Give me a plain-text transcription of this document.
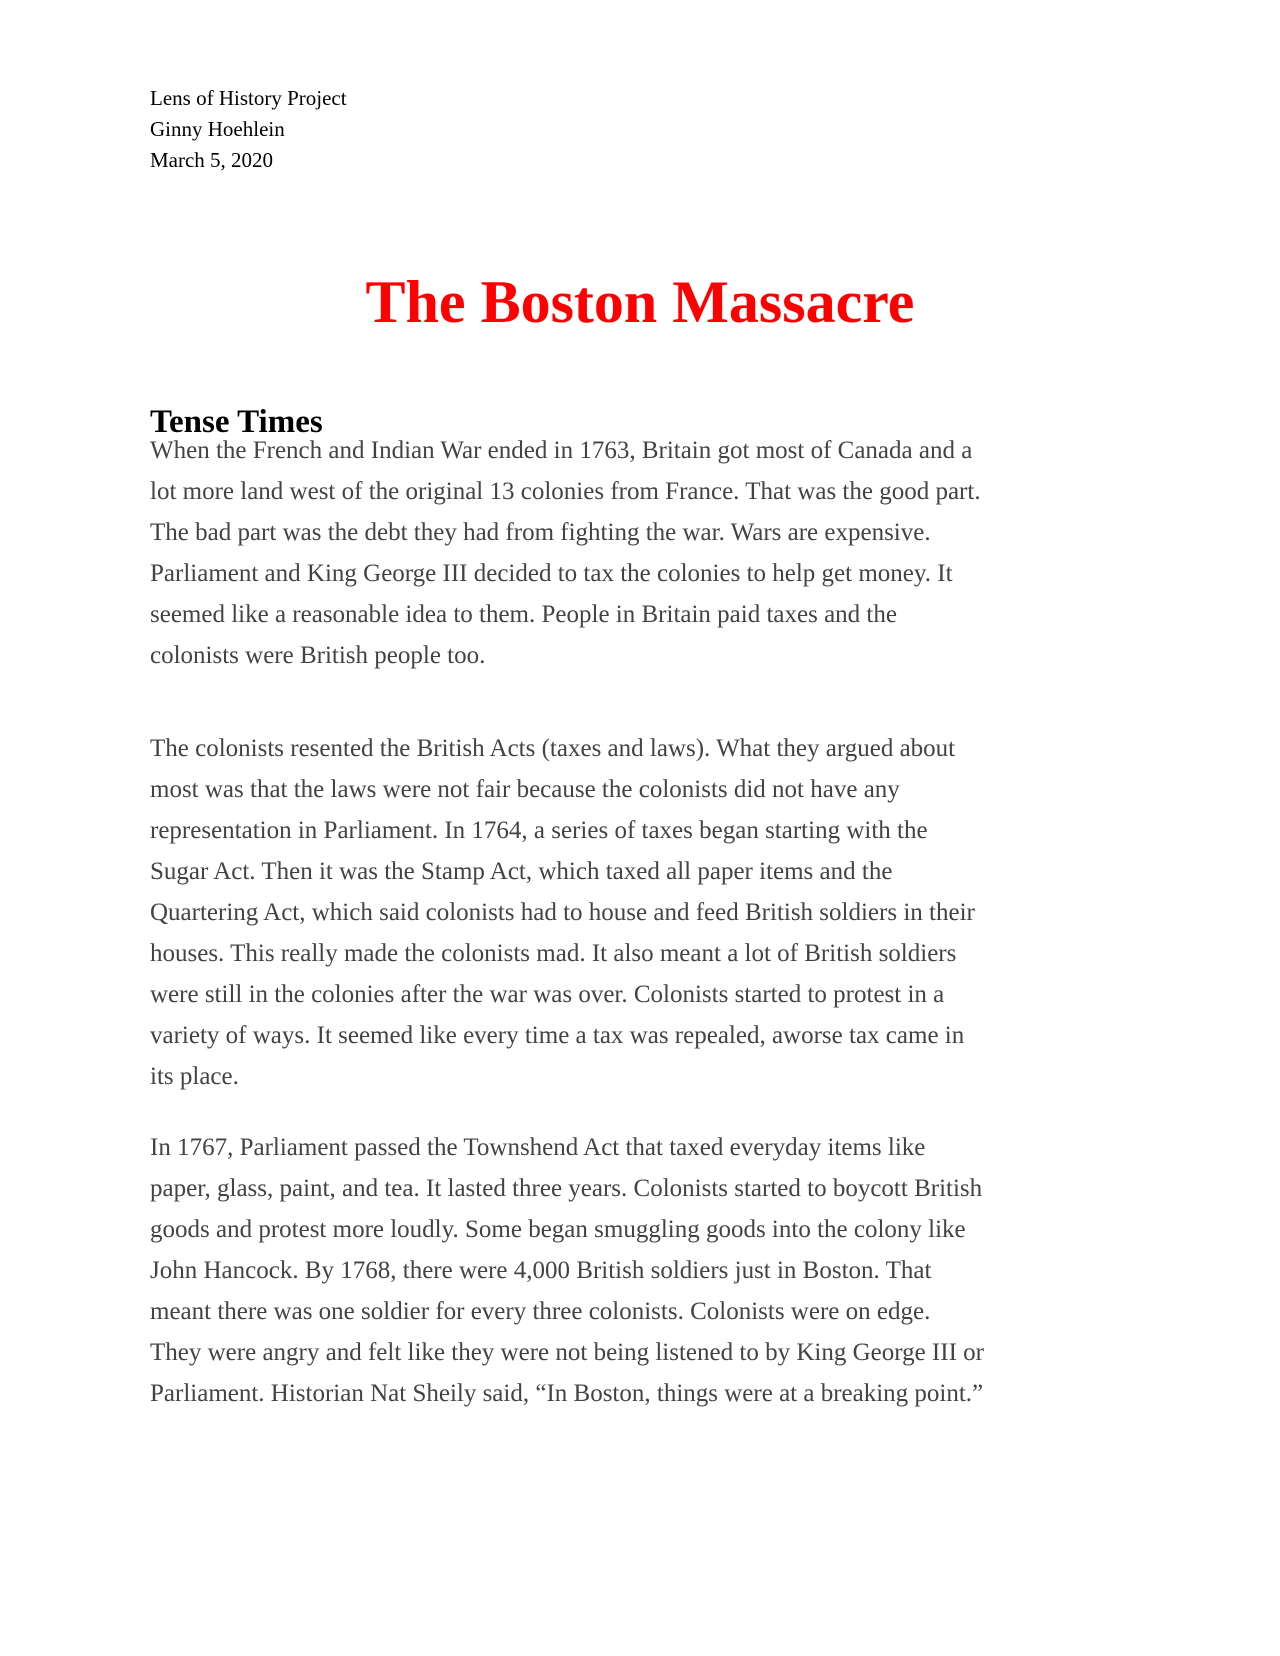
Lens of History Project
Ginny Hoehlein
March 5, 2020
The Boston Massacre
Tense Times
When the French and Indian War ended in 1763, Britain got most of Canada and a
lot more land west of the original 13 colonies from France. That was the good part.
The bad part was the debt they had from fighting the war. Wars are expensive.
Parliament and King George III decided to tax the colonies to help get money. It
seemed like a reasonable idea to them. People in Britain paid taxes and the
colonists were British people too.
The colonists resented the British Acts (taxes and laws). What they argued about
most was that the laws were not fair because the colonists did not have any
representation in Parliament. In 1764, a series of taxes began starting with the
Sugar Act. Then it was the Stamp Act, which taxed all paper items and the
Quartering Act, which said colonists had to house and feed British soldiers in their
houses. This really made the colonists mad. It also meant a lot of British soldiers
were still in the colonies after the war was over. Colonists started to protest in a
variety of ways. It seemed like every time a tax was repealed, aworse tax came in
its place.
In 1767, Parliament passed the Townshend Act that taxed everyday items like
paper, glass, paint, and tea. It lasted three years. Colonists started to boycott British
goods and protest more loudly. Some began smuggling goods into the colony like
John Hancock. By 1768, there were 4,000 British soldiers just in Boston. That
meant there was one soldier for every three colonists. Colonists were on edge.
They were angry and felt like they were not being listened to by King George III or
Parliament. Historian Nat Sheily said, “In Boston, things were at a breaking point.”
